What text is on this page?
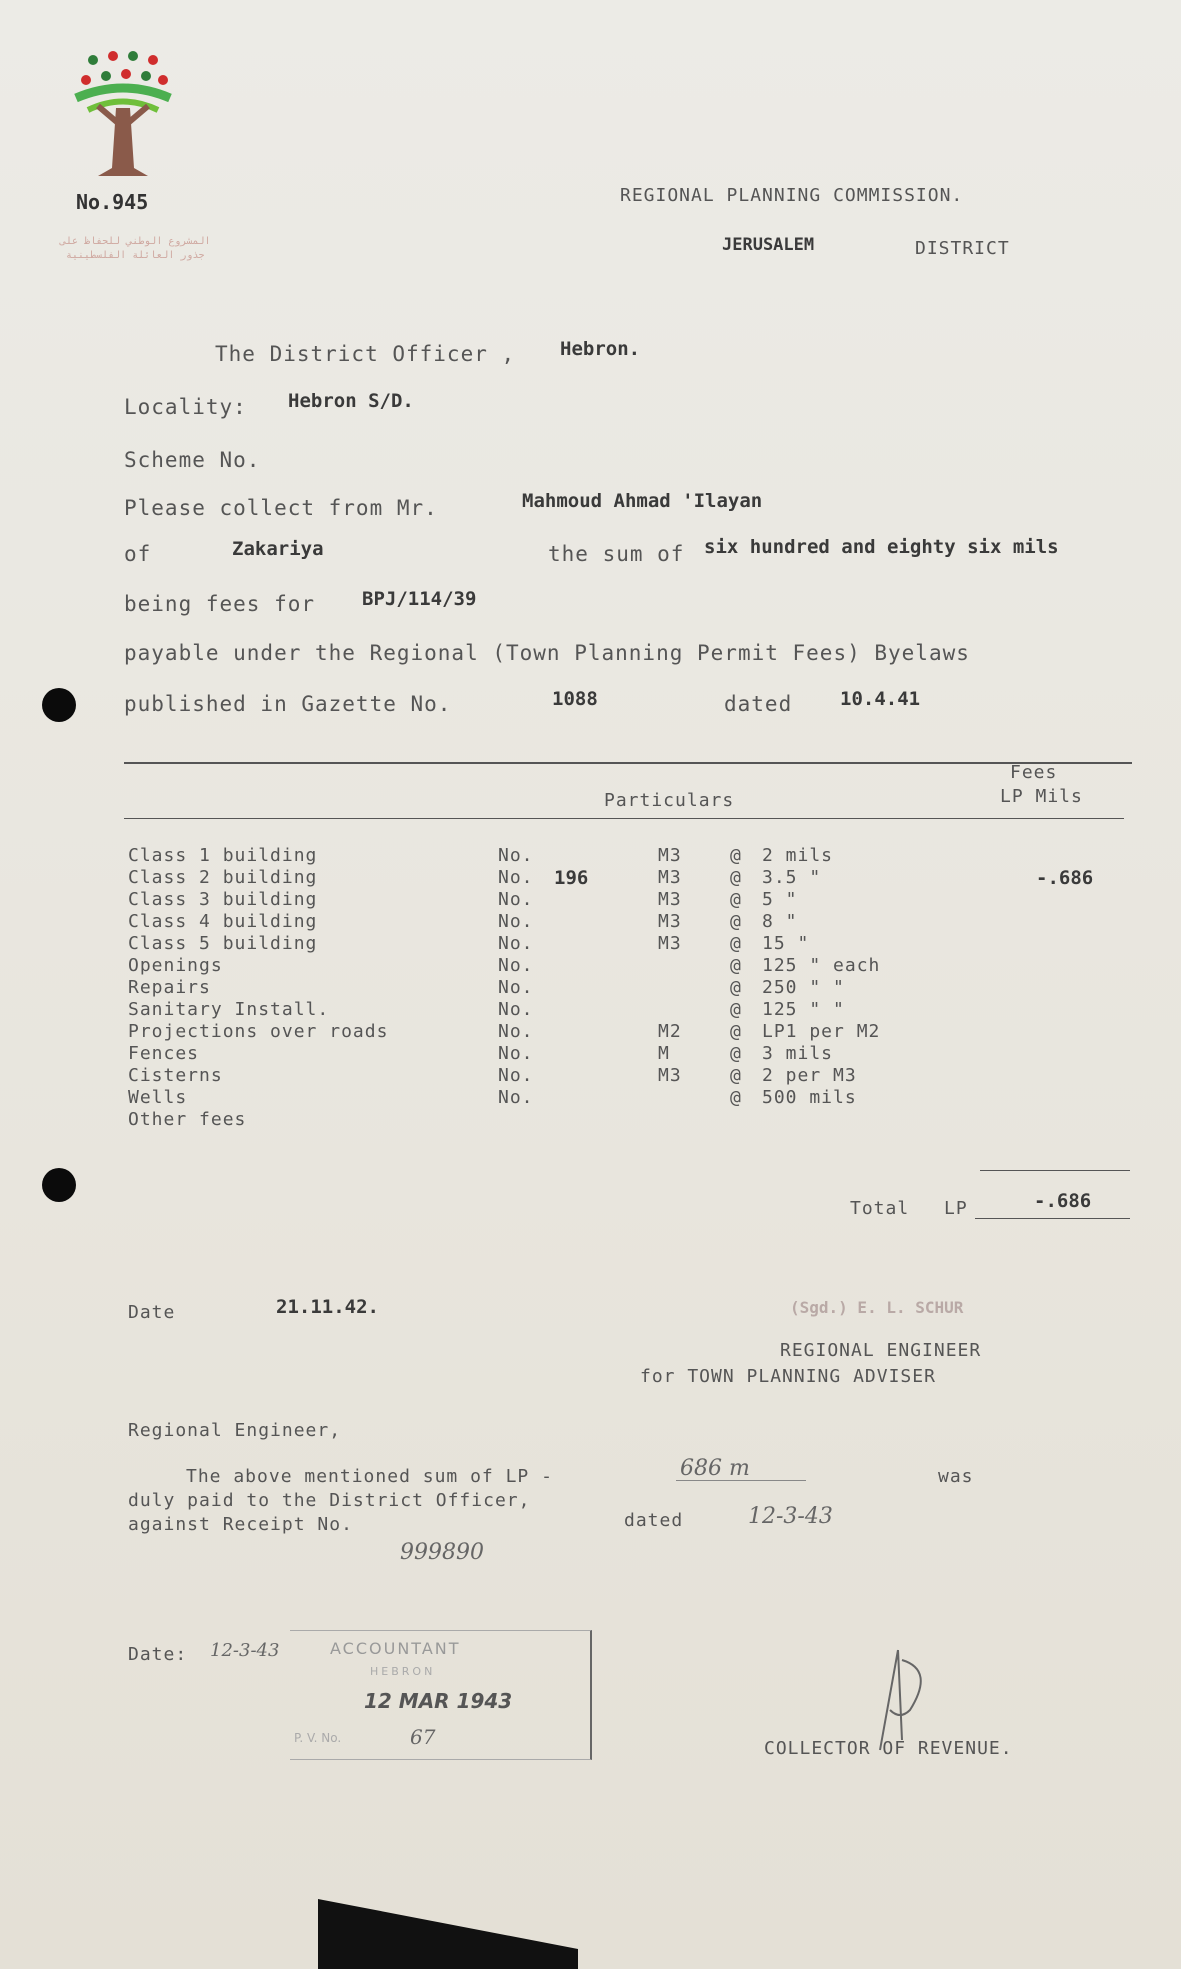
No.945
المشروع الوطني للحفاظ على
جذور العائلة الفلسطينية
REGIONAL PLANNING COMMISSION.
JERUSALEM	DISTRICT
The District Officer , Hebron.
Locality: Hebron S/D.
Scheme No.
Please collect from Mr.	Mahmoud Ahmad 'Ilayan
of	Zakariya	the sum of six hundred and eighty six mils
being fees for BPJ/114/39
payable under the Regional (Town Planning Permit Fees) Byelaws
published in Gazette No.	1088	dated	10.4.41
Particulars
Fees
LP Mils
Class 1 building	No.	M3	@ 2 mils
Class 2 building	No. 196	M3	@ 3.5 "	-.686
Class 3 building	No.	M3	@ 5 "
Class 4 building	No.	M3	@ 8 "
Class 5 building	No.	M3	@ 15 "
Openings	No.	@ 125 " each
Repairs	No.	@ 250 " "
Sanitary Install.	No.	@ 125 " "
Projections over roads	No.	M2	@ LP1 per M2
Fences	No.	M	@ 3 mils
Cisterns	No.	M3	@ 2 per M3
Wells	No.	@ 500 mils
Other fees
Total LP	-.686
Date	21.11.42.	(Sgd.) E. L. SCHUR
REGIONAL ENGINEER
for TOWN PLANNING ADVISER
Regional Engineer,
The above mentioned sum of LP -	686 m	was
duly paid to the District Officer,
against Receipt No.
999890
dated	12-3-43
Date: 12-3-43	ACCOUNTANT
HEBRON
12 MAR 1943
P. V. No.	67	COLLECTOR OF REVENUE.
